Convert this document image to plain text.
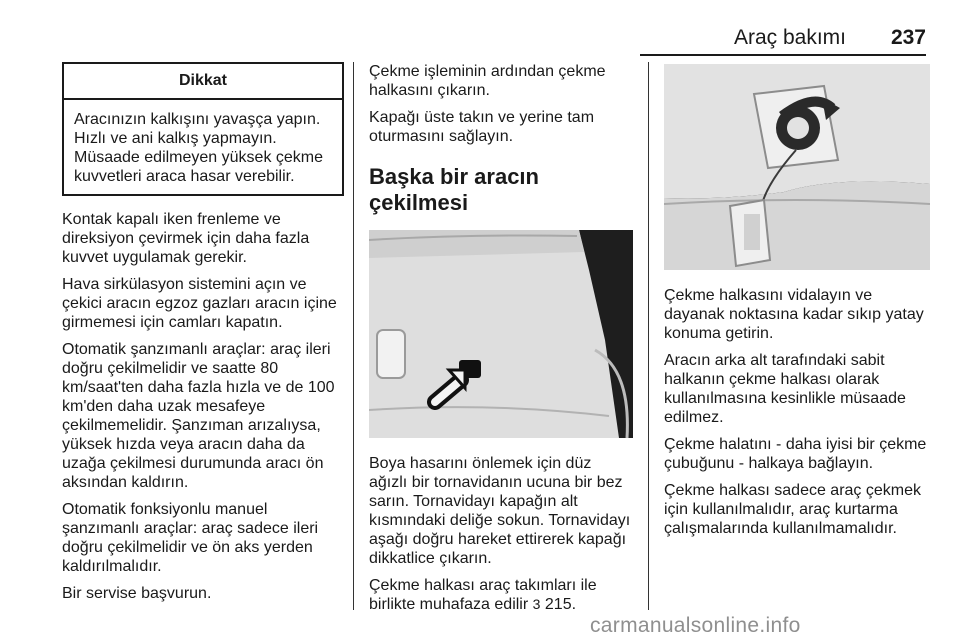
Araç bakımı 237
Dikkat
Aracınızın kalkışını yavaşça yapın. Hızlı ve ani kalkış yapmayın. Müsaade edilmeyen yüksek çekme kuvvetleri araca hasar verebilir.

Kontak kapalı iken frenleme ve direksiyon çevirmek için daha fazla kuvvet uygulamak gerekir.

Hava sirkülasyon sistemini açın ve çekici aracın egzoz gazları aracın içine girmemesi için camları kapatın.

Otomatik şanzımanlı araçlar: araç ileri doğru çekilmelidir ve saatte 80 km/saat'ten daha fazla hızla ve de 100 km'den daha uzak mesafeye çekilmemelidir. Şanzıman arızalıysa, yüksek hızda veya aracın daha da uzağa çekilmesi durumunda aracı ön aksından kaldırın.

Otomatik fonksiyonlu manuel şanzımanlı araçlar: araç sadece ileri doğru çekilmelidir ve ön aks yerden kaldırılmalıdır.

Bir servise başvurun.

Çekme işleminin ardından çekme halkasını çıkarın.

Kapağı üste takın ve yerine tam oturmasını sağlayın.

Başka bir aracın çekilmesi

Boya hasarını önlemek için düz ağızlı bir tornavidanın ucuna bir bez sarın. Tornavidayı kapağın alt kısmındaki deliğe sokun. Tornavidayı aşağı doğru hareket ettirerek kapağı dikkatlice çıkarın.

Çekme halkası araç takımları ile birlikte muhafaza edilir 3 215.

Çekme halkasını vidalayın ve dayanak noktasına kadar sıkıp yatay konuma getirin.

Aracın arka alt tarafındaki sabit halkanın çekme halkası olarak kullanılmasına kesinlikle müsaade edilmez.

Çekme halatını - daha iyisi bir çekme çubuğunu - halkaya bağlayın.

Çekme halkası sadece araç çekmek için kullanılmalıdır, araç kurtarma çalışmalarında kullanılmamalıdır.

carmanualsonline.info
